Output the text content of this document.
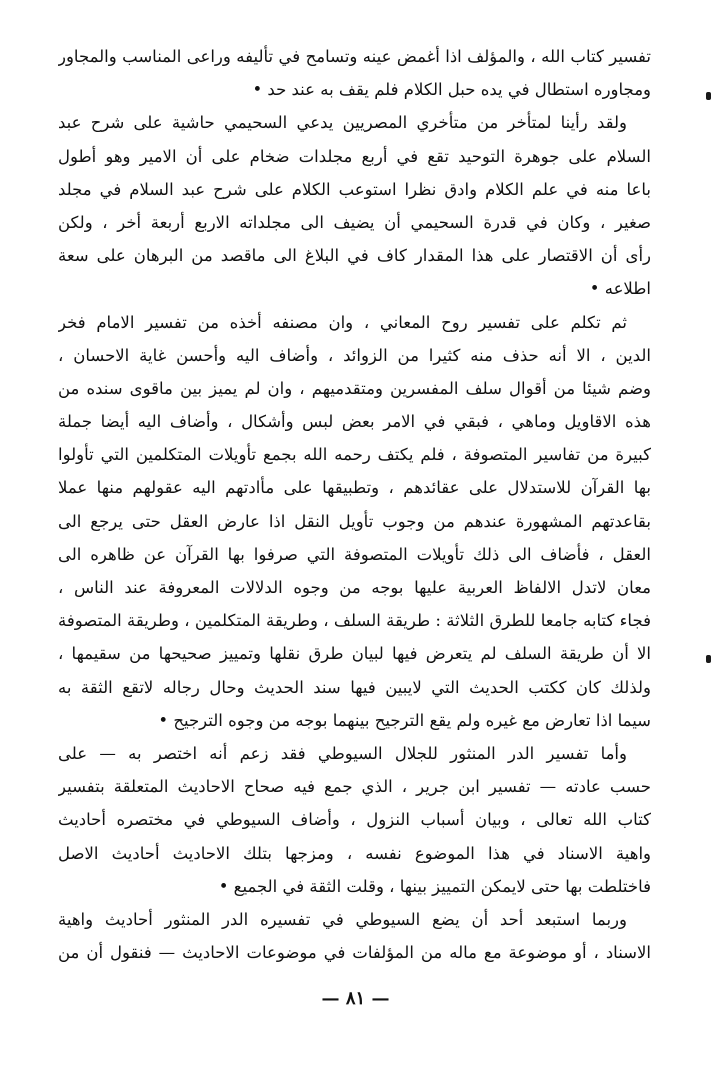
تفسير كتاب الله ، والمؤلف اذا أغمض عينه وتسامح في تأليفه وراعى المناسب والمجاور
ومجاوره استطال في يده حبل الكلام فلم يقف به عند حد •
ولقد رأينا لمتأخر من متأخري المصريين يدعي السحيمي حاشية على شرح عبد
السلام على جوهرة التوحيد تقع في أربع مجلدات ضخام على أن الامير وهو أطول
باعا منه في علم الكلام وادق نظرا استوعب الكلام على شرح عبد السلام في مجلد
صغير ، وكان في قدرة السحيمي أن يضيف الى مجلداته الاربع أربعة أخر ، ولكن
رأى أن الاقتصار على هذا المقدار كاف في البلاغ الى ماقصد من البرهان على سعة
اطلاعه •
ثم تكلم على تفسير روح المعاني ، وان مصنفه أخذه من تفسير الامام فخر
الدين ، الا أنه حذف منه كثيرا من الزوائد ، وأضاف اليه وأحسن غاية الاحسان ،
وضم شيئا من أقوال سلف المفسرين ومتقدميهم ، وان لم يميز بين ماقوى سنده من
هذه الاقاويل وماهي ، فبقي في الامر بعض لبس وأشكال ، وأضاف اليه أيضا جملة
كبيرة من تفاسير المتصوفة ، فلم يكتف رحمه الله بجمع تأويلات المتكلمين التي تأولوا
بها القرآن للاستدلال على عقائدهم ، وتطبيقها على مأادتهم اليه عقولهم منها عملا
بقاعدتهم المشهورة عندهم من وجوب تأويل النقل اذا عارض العقل حتى يرجع الى
العقل ، فأضاف الى ذلك تأويلات المتصوفة التي صرفوا بها القرآن عن ظاهره الى
معان لاتدل الالفاظ العربية عليها بوجه من وجوه الدلالات المعروفة عند الناس ،
فجاء كتابه جامعا للطرق الثلاثة : طريقة السلف ، وطريقة المتكلمين ، وطريقة المتصوفة
الا أن طريقة السلف لم يتعرض فيها لبيان طرق نقلها وتمييز صحيحها من سقيمها ،
ولذلك كان ككتب الحديث التي لايبين فيها سند الحديث وحال رجاله لاتقع الثقة به
سيما اذا تعارض مع غيره ولم يقع الترجيح بينهما بوجه من وجوه الترجيح •
وأما تفسير الدر المنثور للجلال السيوطي فقد زعم أنه اختصر به — على
حسب عادته — تفسير ابن جرير ، الذي جمع فيه صحاح الاحاديث المتعلقة بتفسير
كتاب الله تعالى ، وبيان أسباب النزول ، وأضاف السيوطي في مختصره أحاديث
واهية الاسناد في هذا الموضوع نفسه ، ومزجها بتلك الاحاديث أحاديث الاصل
فاختلطت بها حتى لايمكن التمييز بينها ، وقلت الثقة في الجميع •
وربما استبعد أحد أن يضع السيوطي في تفسيره الدر المنثور أحاديث واهية
الاسناد ، أو موضوعة مع ماله من المؤلفات في موضوعات الاحاديث — فنقول أن من
— ٨١ —
